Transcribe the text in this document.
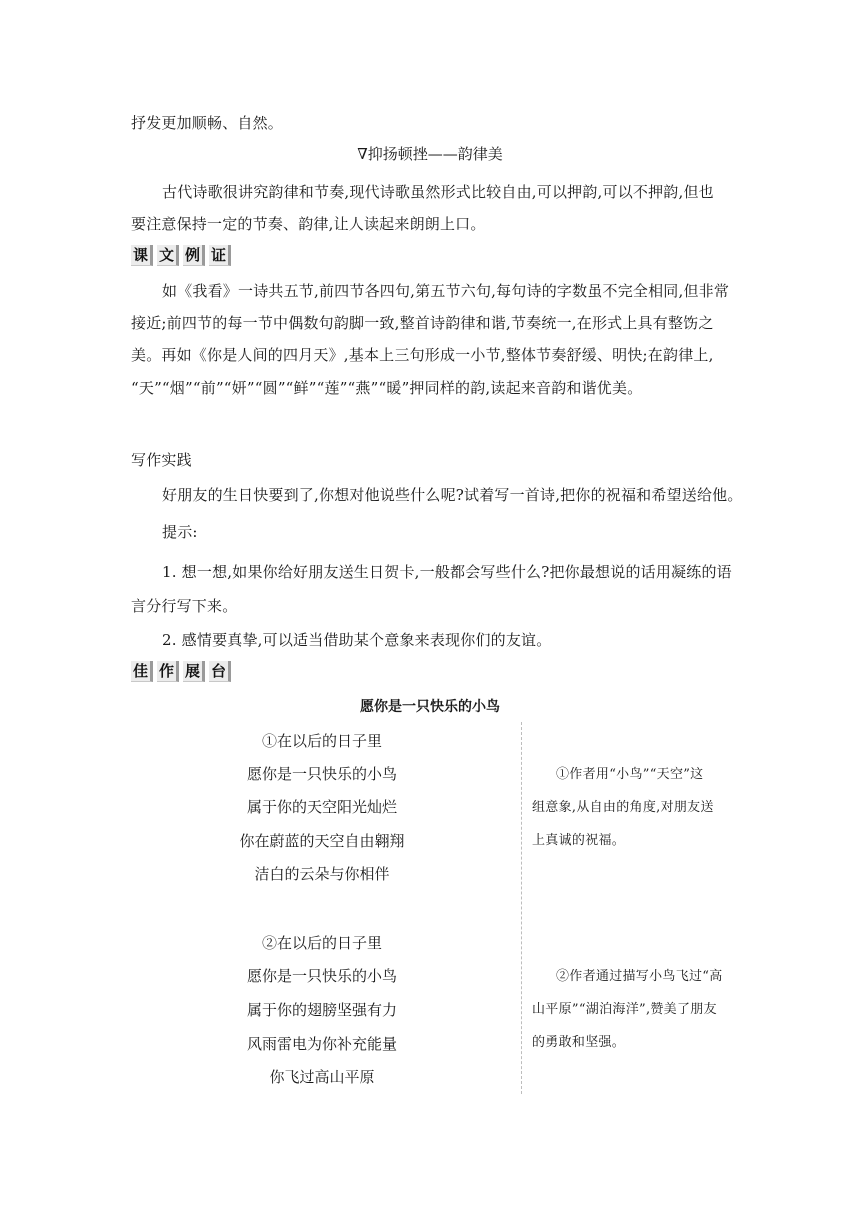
抒发更加顺畅、自然。
∇抑扬顿挫——韵律美
古代诗歌很讲究韵律和节奏,现代诗歌虽然形式比较自由,可以押韵,可以不押韵,但也
要注意保持一定的节奏、韵律,让人读起来朗朗上口。
课 文 例 证
如《我看》一诗共五节,前四节各四句,第五节六句,每句诗的字数虽不完全相同,但非常
接近;前四节的每一节中偶数句韵脚一致,整首诗韵律和谐,节奏统一,在形式上具有整饬之
美。再如《你是人间的四月天》,基本上三句形成一小节,整体节奏舒缓、明快;在韵律上,
“天”“烟”“前”“妍”“圆”“鲜”“莲”“燕”“暖”押同样的韵,读起来音韵和谐优美。
写作实践
好朋友的生日快要到了,你想对他说些什么呢?试着写一首诗,把你的祝福和希望送给他。
提示:
1. 想一想,如果你给好朋友送生日贺卡,一般都会写些什么?把你最想说的话用凝练的语
言分行写下来。
2. 感情要真挚,可以适当借助某个意象来表现你们的友谊。
佳 作 展 台
愿你是一只快乐的小鸟
①在以后的日子里
愿你是一只快乐的小鸟
属于你的天空阳光灿烂
你在蔚蓝的天空自由翱翔
洁白的云朵与你相伴
②在以后的日子里
愿你是一只快乐的小鸟
属于你的翅膀坚强有力
风雨雷电为你补充能量
你飞过高山平原
①作者用“小鸟”“天空”这
组意象,从自由的角度,对朋友送
上真诚的祝福。
②作者通过描写小鸟飞过“高
山平原”“湖泊海洋”,赞美了朋友
的勇敢和坚强。
